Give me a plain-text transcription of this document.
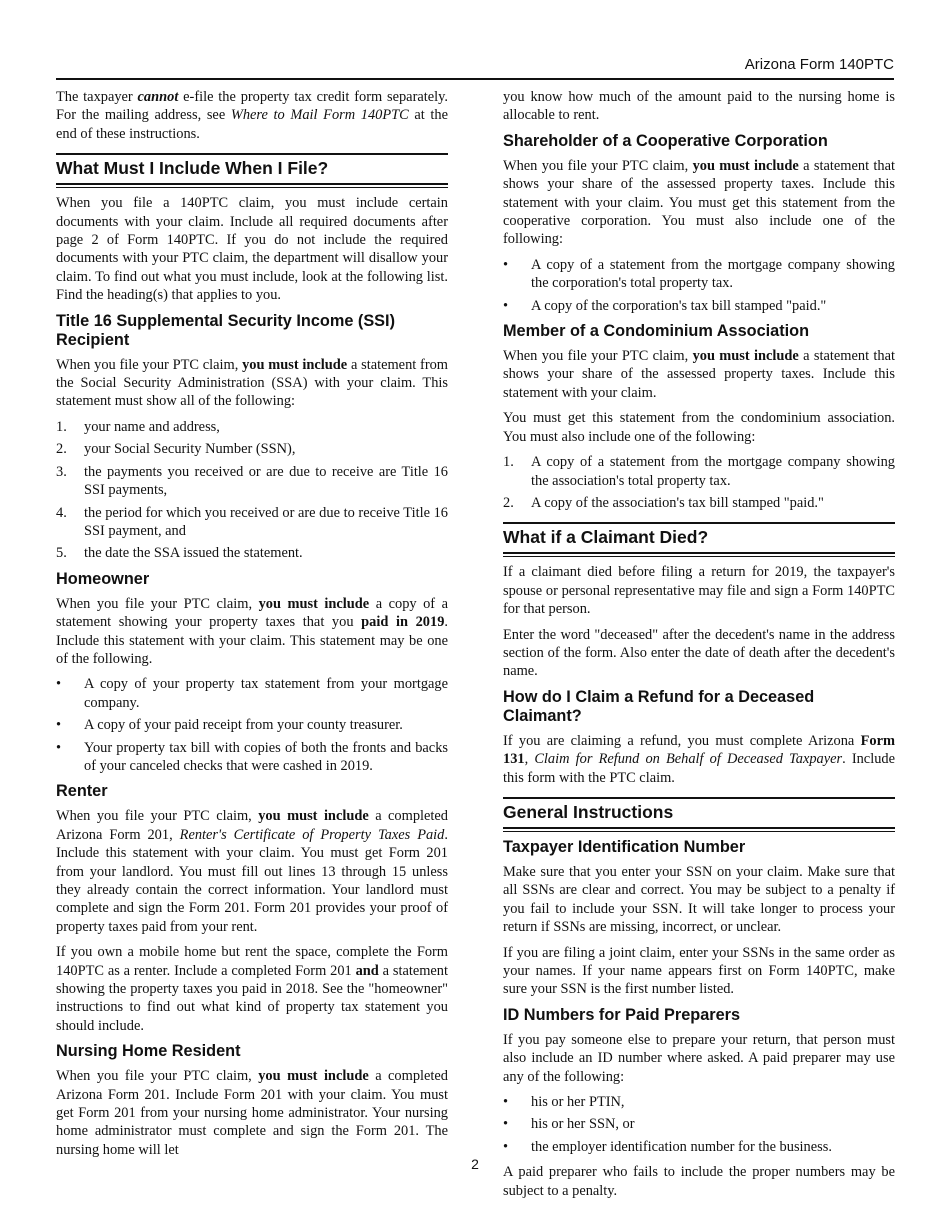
Arizona Form 140PTC

The taxpayer cannot e-file the property tax credit form separately. For the mailing address, see Where to Mail Form 140PTC at the end of these instructions.

What Must I Include When I File?

When you file a 140PTC claim, you must include certain documents with your claim. Include all required documents after page 2 of Form 140PTC. If you do not include the required documents with your PTC claim, the department will disallow your claim. To find out what you must include, look at the following list. Find the heading(s) that applies to you.

Title 16 Supplemental Security Income (SSI) Recipient

When you file your PTC claim, you must include a statement from the Social Security Administration (SSA) with your claim. This statement must show all of the following:

1. your name and address,
2. your Social Security Number (SSN),
3. the payments you received or are due to receive are Title 16 SSI payments,
4. the period for which you received or are due to receive Title 16 SSI payment, and
5. the date the SSA issued the statement.
Homeowner

When you file your PTC claim, you must include a copy of a statement showing your property taxes that you paid in 2019. Include this statement with your claim. This statement may be one of the following.

• A copy of your property tax statement from your mortgage company.
• A copy of your paid receipt from your county treasurer.
• Your property tax bill with copies of both the fronts and backs of your canceled checks that were cashed in 2019.
Renter

When you file your PTC claim, you must include a completed Arizona Form 201, Renter's Certificate of Property Taxes Paid. Include this statement with your claim. You must get Form 201 from your landlord. You must fill out lines 13 through 15 unless they already contain the correct information. Your landlord must complete and sign the Form 201. Form 201 provides your proof of property taxes paid from your rent.

If you own a mobile home but rent the space, complete the Form 140PTC as a renter. Include a completed Form 201 and a statement showing the property taxes you paid in 2018. See the "homeowner" instructions to find out what kind of property tax statement you should include.

Nursing Home Resident

When you file your PTC claim, you must include a completed Arizona Form 201. Include Form 201 with your claim. You must get Form 201 from your nursing home administrator. Your nursing home administrator must complete and sign the Form 201. The nursing home will let

you know how much of the amount paid to the nursing home is allocable to rent.

Shareholder of a Cooperative Corporation

When you file your PTC claim, you must include a statement that shows your share of the assessed property taxes. Include this statement with your claim. You must get this statement from the cooperative corporation. You must also include one of the following:

• A copy of a statement from the mortgage company showing the corporation's total property tax.
• A copy of the corporation's tax bill stamped "paid."
Member of a Condominium Association

When you file your PTC claim, you must include a statement that shows your share of the assessed property taxes. Include this statement with your claim.

You must get this statement from the condominium association. You must also include one of the following:

1. A copy of a statement from the mortgage company showing the association's total property tax.
2. A copy of the association's tax bill stamped "paid."
What if a Claimant Died?

If a claimant died before filing a return for 2019, the taxpayer's spouse or personal representative may file and sign a Form 140PTC for that person.

Enter the word "deceased" after the decedent's name in the address section of the form. Also enter the date of death after the decedent's name.

How do I Claim a Refund for a Deceased Claimant?

If you are claiming a refund, you must complete Arizona Form 131, Claim for Refund on Behalf of Deceased Taxpayer. Include this form with the PTC claim.

General Instructions
Taxpayer Identification Number

Make sure that you enter your SSN on your claim. Make sure that all SSNs are clear and correct. You may be subject to a penalty if you fail to include your SSN. It will take longer to process your return if SSNs are missing, incorrect, or unclear.

If you are filing a joint claim, enter your SSNs in the same order as your names. If your name appears first on Form 140PTC, make sure your SSN is the first number listed.

ID Numbers for Paid Preparers

If you pay someone else to prepare your return, that person must also include an ID number where asked. A paid preparer may use any of the following:

• his or her PTIN,
• his or her SSN, or
• the employer identification number for the business.

A paid preparer who fails to include the proper numbers may be subject to a penalty.

2
